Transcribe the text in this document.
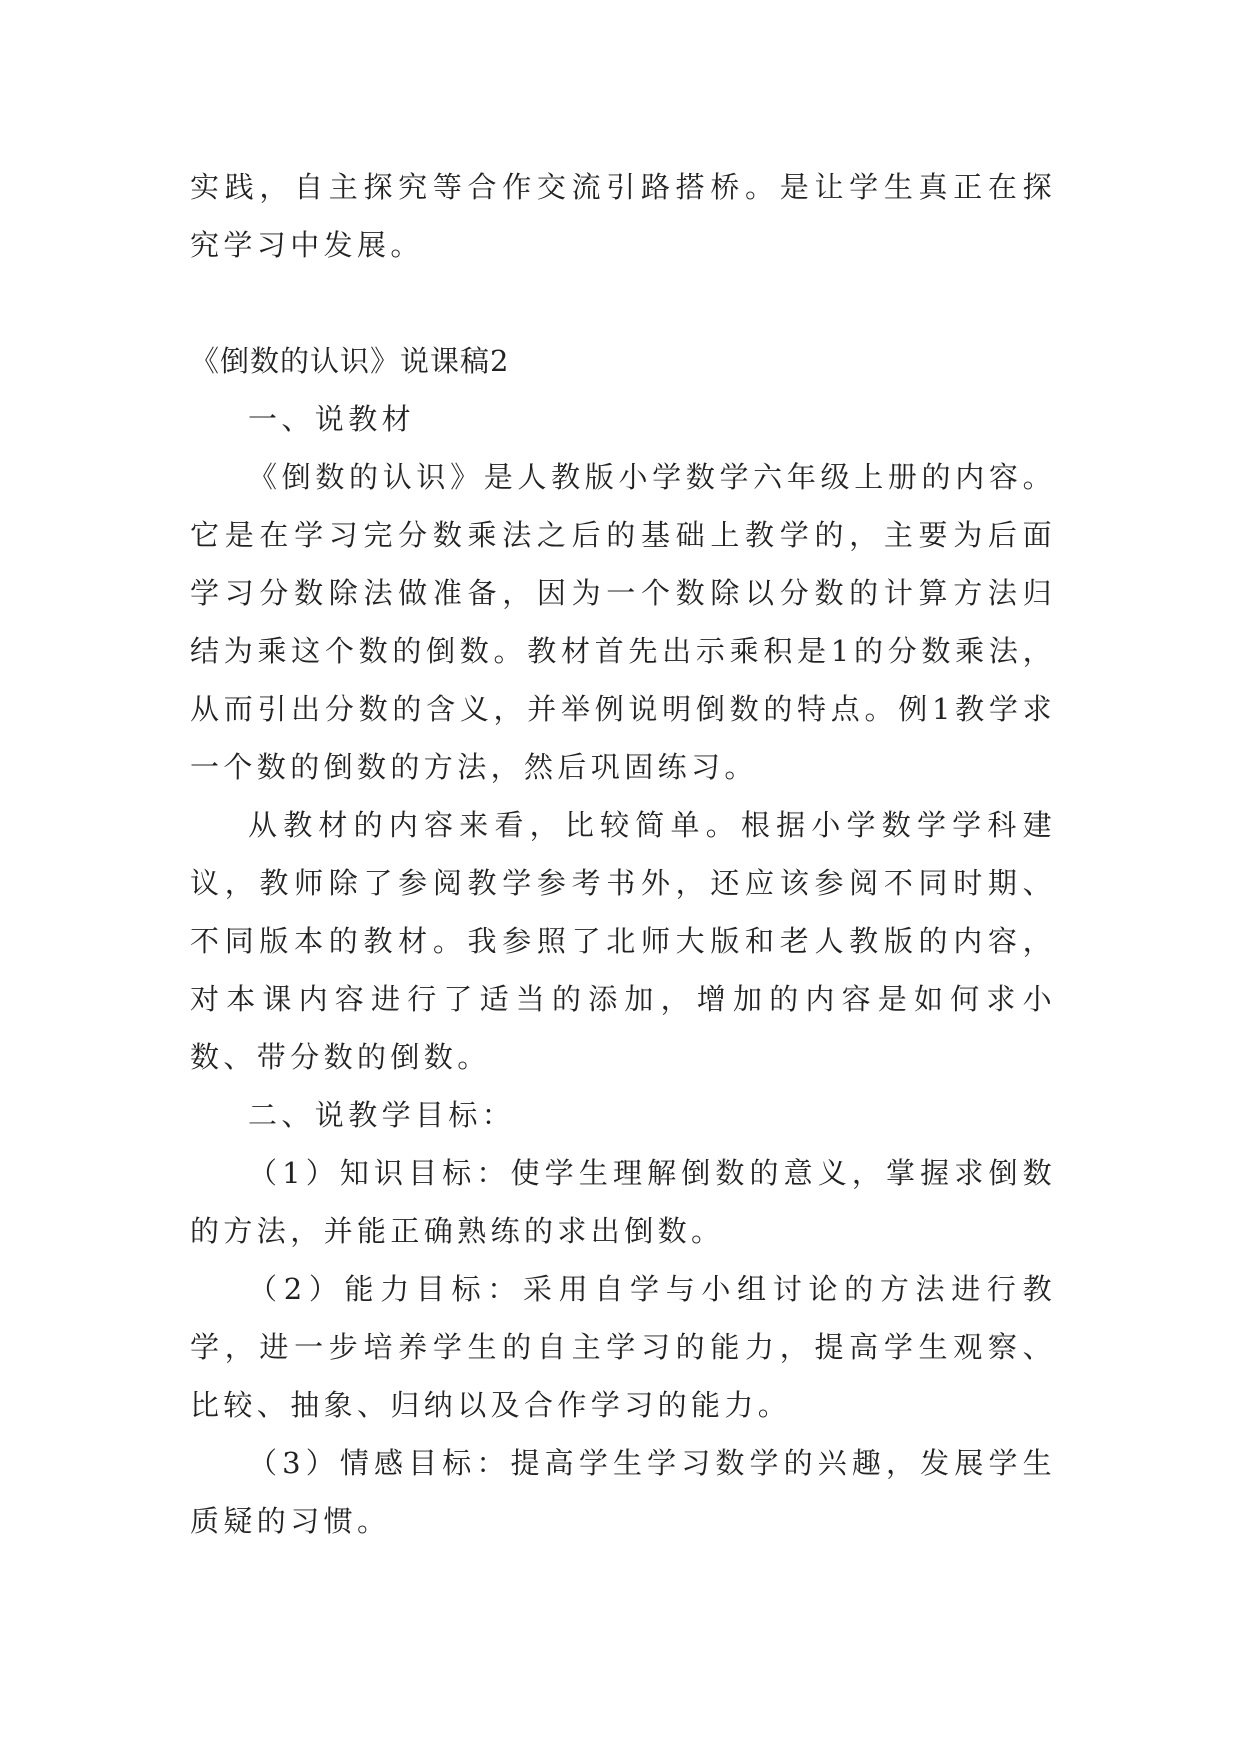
实践，自主探究等合作交流引路搭桥。是让学生真正在探究学习中发展。

《倒数的认识》说课稿2

一、说教材

《倒数的认识》是人教版小学数学六年级上册的内容。它是在学习完分数乘法之后的基础上教学的，主要为后面学习分数除法做准备，因为一个数除以分数的计算方法归结为乘这个数的倒数。教材首先出示乘积是1的分数乘法，从而引出分数的含义，并举例说明倒数的特点。例1教学求一个数的倒数的方法，然后巩固练习。

从教材的内容来看，比较简单。根据小学数学学科建议，教师除了参阅教学参考书外，还应该参阅不同时期、不同版本的教材。我参照了北师大版和老人教版的内容，对本课内容进行了适当的添加，增加的内容是如何求小数、带分数的倒数。

二、说教学目标：

（1）知识目标：使学生理解倒数的意义，掌握求倒数的方法，并能正确熟练的求出倒数。

（2）能力目标：采用自学与小组讨论的方法进行教学，进一步培养学生的自主学习的能力，提高学生观察、比较、抽象、归纳以及合作学习的能力。

（3）情感目标：提高学生学习数学的兴趣，发展学生质疑的习惯。
